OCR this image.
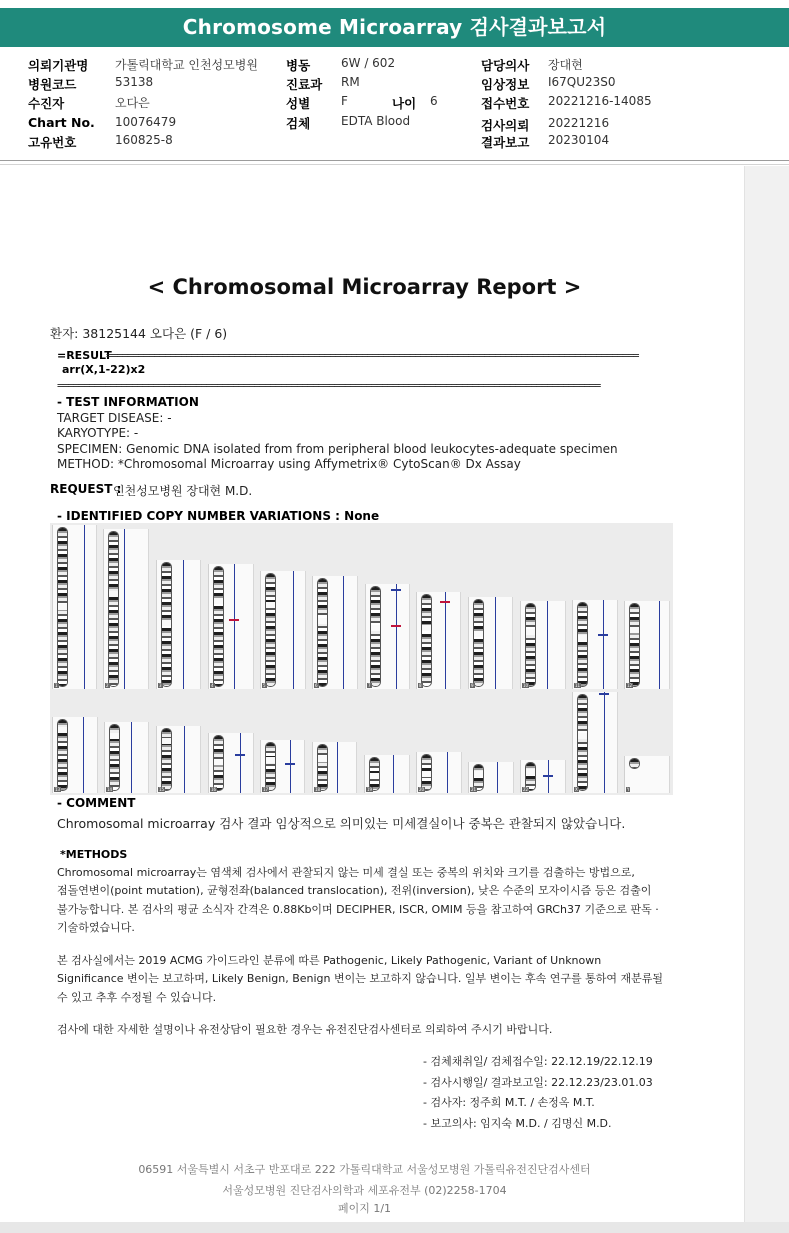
Chromosome Microarray 검사결과보고서
의뢰기관명 가톨릭대학교 인천성모병원
병원코드	53138
수진자	오다은
Chart No. 10076479
고유번호	160825-8
병동	6W / 602
진료과 RM
성별	F	나이 6
검체	EDTA Blood
담당의사 장대현
임상정보 I67QU23S0
접수번호 20221216-14085
검사의뢰 20221216
결과보고 20230104
< Chromosomal Microarray Report >
환자: 38125144 오다은 (F / 6)
=RESULT
====================================================================================================
arr(X,1-22)x2
======================================================================================================
- TEST INFORMATION
TARGET DISEASE: -
KARYOTYPE: -
SPECIMEN: Genomic DNA isolated from from peripheral blood leukocytes-adequate specimen
METHOD: *Chromosomal Microarray using Affymetrix® CytoScan® Dx Assay
REQUEST :
인천성모병원 장대현 M.D.
- IDENTIFIED COPY NUMBER VARIATIONS : None
1	2	3	4	5	6	7	8	9	10	11	12
13	14	15	16	17	18	19	20	21	22	X	Y
- COMMENT
Chromosomal microarray 검사 결과 임상적으로 의미있는 미세결실이나 중복은 관찰되지 않았습니다.
*METHODS
Chromosomal microarray는 염색체 검사에서 관찰되지 않는 미세 결실 또는 중복의 위치와 크기를 검출하는 방법으로,
점돌연변이(point mutation), 균형전좌(balanced translocation), 전위(inversion), 낮은 수준의 모자이시즘 등은 검출이
불가능합니다. 본 검사의 평균 소식자 간격은 0.88Kb이며 DECIPHER, ISCR, OMIM 등을 참고하여 GRCh37 기준으로 판독 ·
기술하였습니다.
본 검사실에서는 2019 ACMG 가이드라인 분류에 따른 Pathogenic, Likely Pathogenic, Variant of Unknown
Significance 변이는 보고하며, Likely Benign, Benign 변이는 보고하지 않습니다. 일부 변이는 후속 연구를 통하여 재분류될
수 있고 추후 수정될 수 있습니다.
검사에 대한 자세한 설명이나 유전상담이 필요한 경우는 유전진단검사센터로 의뢰하여 주시기 바랍니다.
- 검체채취일/ 검체접수일: 22.12.19/22.12.19
- 검사시행일/ 결과보고일: 22.12.23/23.01.03
- 검사자: 정주희 M.T. / 손정옥 M.T.
- 보고의사: 임지숙 M.D. / 김명신 M.D.
06591 서울특별시 서초구 반포대로 222 가톨릭대학교 서울성모병원 가톨릭유전진단검사센터
서울성모병원 진단검사의학과 세포유전부 (02)2258-1704
페이지 1/1
